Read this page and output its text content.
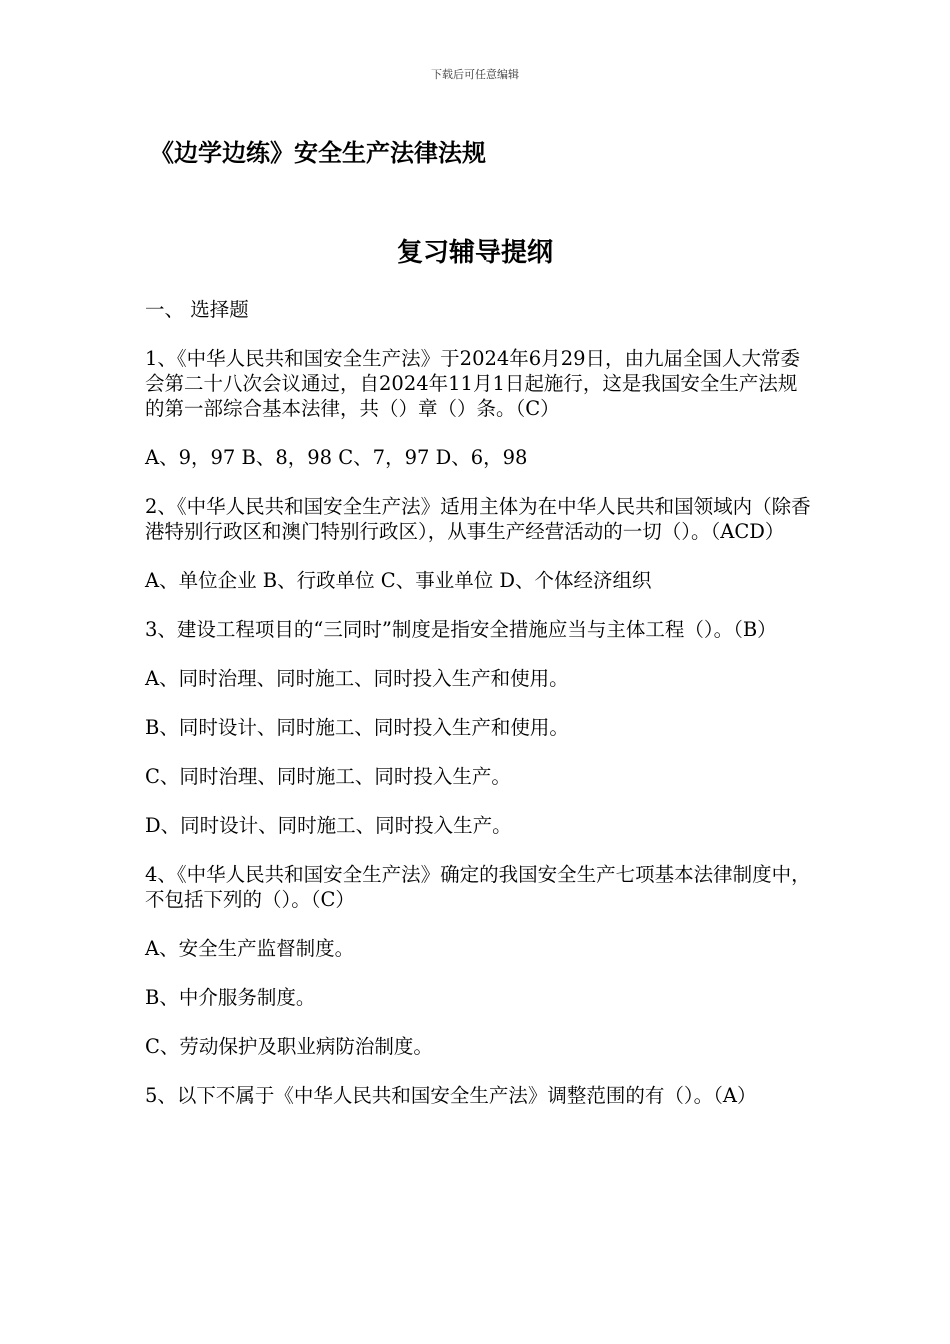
下载后可任意编辑
《边学边练》安全生产法律法规
复习辅导提纲

一、 选择题

1、《中华人民共和国安全生产法》于2024年6月29日，由九届全国人大常委会第二十八次会议通过，自2024年11月1日起施行，这是我国安全生产法规的第一部综合基本法律，共（）章（）条。（C）

A、9，97 B、8，98 C、7，97 D、6，98

2、《中华人民共和国安全生产法》适用主体为在中华人民共和国领域内（除香港特别行政区和澳门特别行政区），从事生产经营活动的一切（）。（ACD）

A、单位企业 B、行政单位 C、事业单位 D、个体经济组织

3、建设工程项目的“三同时”制度是指安全措施应当与主体工程（）。（B）

A、同时治理、同时施工、同时投入生产和使用。

B、同时设计、同时施工、同时投入生产和使用。

C、同时治理、同时施工、同时投入生产。

D、同时设计、同时施工、同时投入生产。

4、《中华人民共和国安全生产法》确定的我国安全生产七项基本法律制度中，不包括下列的（）。（C）

A、安全生产监督制度。

B、中介服务制度。

C、劳动保护及职业病防治制度。

5、以下不属于《中华人民共和国安全生产法》调整范围的有（）。（A）
